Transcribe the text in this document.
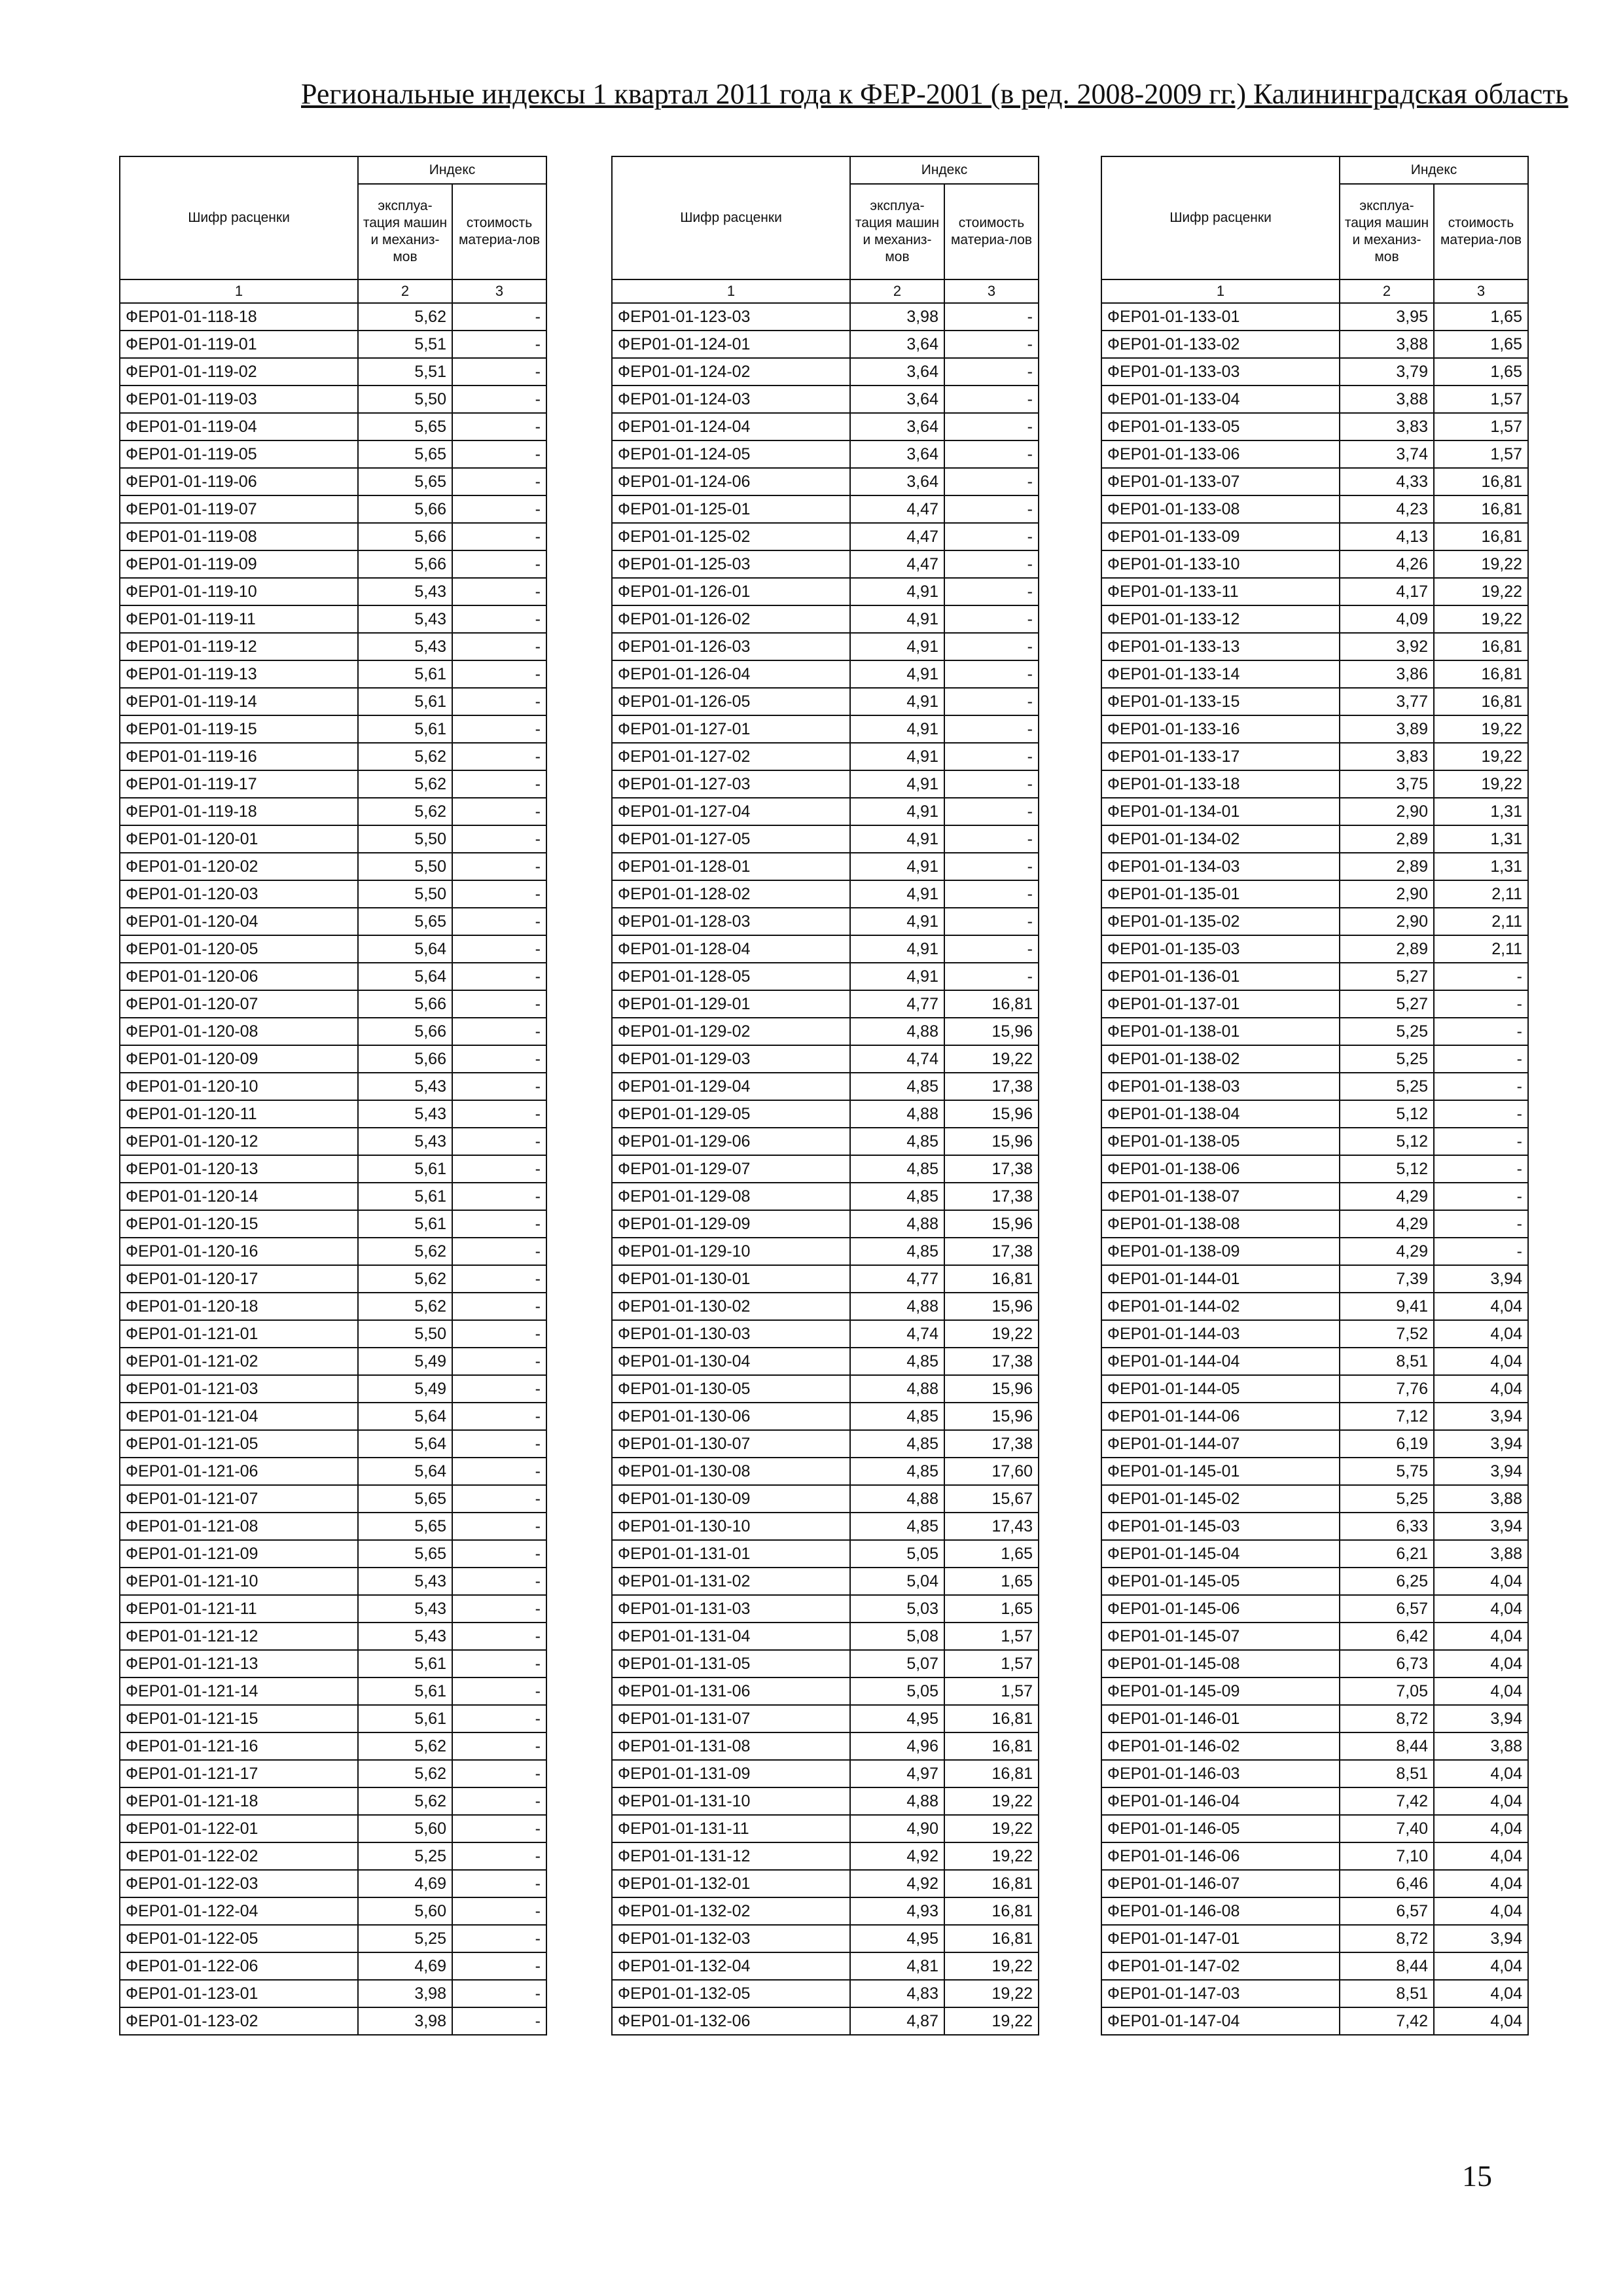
Региональные индексы 1 квартал 2011 года к ФЕР-2001 (в ред. 2008-2009 гг.) Калининградская область
Шифр расценки	Индекс	
	эксплуа-тация машин и механиз-мов	стоимость материа-лов
1	2	3
ФЕР01-01-118-18	5,62	-
ФЕР01-01-119-01	5,51	-
ФЕР01-01-119-02	5,51	-
ФЕР01-01-119-03	5,50	-
ФЕР01-01-119-04	5,65	-
ФЕР01-01-119-05	5,65	-
ФЕР01-01-119-06	5,65	-
ФЕР01-01-119-07	5,66	-
ФЕР01-01-119-08	5,66	-
ФЕР01-01-119-09	5,66	-
ФЕР01-01-119-10	5,43	-
ФЕР01-01-119-11	5,43	-
ФЕР01-01-119-12	5,43	-
ФЕР01-01-119-13	5,61	-
ФЕР01-01-119-14	5,61	-
ФЕР01-01-119-15	5,61	-
ФЕР01-01-119-16	5,62	-
ФЕР01-01-119-17	5,62	-
ФЕР01-01-119-18	5,62	-
ФЕР01-01-120-01	5,50	-
ФЕР01-01-120-02	5,50	-
ФЕР01-01-120-03	5,50	-
ФЕР01-01-120-04	5,65	-
ФЕР01-01-120-05	5,64	-
ФЕР01-01-120-06	5,64	-
ФЕР01-01-120-07	5,66	-
ФЕР01-01-120-08	5,66	-
ФЕР01-01-120-09	5,66	-
ФЕР01-01-120-10	5,43	-
ФЕР01-01-120-11	5,43	-
ФЕР01-01-120-12	5,43	-
ФЕР01-01-120-13	5,61	-
ФЕР01-01-120-14	5,61	-
ФЕР01-01-120-15	5,61	-
ФЕР01-01-120-16	5,62	-
ФЕР01-01-120-17	5,62	-
ФЕР01-01-120-18	5,62	-
ФЕР01-01-121-01	5,50	-
ФЕР01-01-121-02	5,49	-
ФЕР01-01-121-03	5,49	-
ФЕР01-01-121-04	5,64	-
ФЕР01-01-121-05	5,64	-
ФЕР01-01-121-06	5,64	-
ФЕР01-01-121-07	5,65	-
ФЕР01-01-121-08	5,65	-
ФЕР01-01-121-09	5,65	-
ФЕР01-01-121-10	5,43	-
ФЕР01-01-121-11	5,43	-
ФЕР01-01-121-12	5,43	-
ФЕР01-01-121-13	5,61	-
ФЕР01-01-121-14	5,61	-
ФЕР01-01-121-15	5,61	-
ФЕР01-01-121-16	5,62	-
ФЕР01-01-121-17	5,62	-
ФЕР01-01-121-18	5,62	-
ФЕР01-01-122-01	5,60	-
ФЕР01-01-122-02	5,25	-
ФЕР01-01-122-03	4,69	-
ФЕР01-01-122-04	5,60	-
ФЕР01-01-122-05	5,25	-
ФЕР01-01-122-06	4,69	-
ФЕР01-01-123-01	3,98	-
ФЕР01-01-123-02	3,98	-
Шифр расценки	Индекс	
	эксплуа-тация машин и механиз-мов	стоимость материа-лов
1	2	3
ФЕР01-01-123-03	3,98	-
ФЕР01-01-124-01	3,64	-
ФЕР01-01-124-02	3,64	-
ФЕР01-01-124-03	3,64	-
ФЕР01-01-124-04	3,64	-
ФЕР01-01-124-05	3,64	-
ФЕР01-01-124-06	3,64	-
ФЕР01-01-125-01	4,47	-
ФЕР01-01-125-02	4,47	-
ФЕР01-01-125-03	4,47	-
ФЕР01-01-126-01	4,91	-
ФЕР01-01-126-02	4,91	-
ФЕР01-01-126-03	4,91	-
ФЕР01-01-126-04	4,91	-
ФЕР01-01-126-05	4,91	-
ФЕР01-01-127-01	4,91	-
ФЕР01-01-127-02	4,91	-
ФЕР01-01-127-03	4,91	-
ФЕР01-01-127-04	4,91	-
ФЕР01-01-127-05	4,91	-
ФЕР01-01-128-01	4,91	-
ФЕР01-01-128-02	4,91	-
ФЕР01-01-128-03	4,91	-
ФЕР01-01-128-04	4,91	-
ФЕР01-01-128-05	4,91	-
ФЕР01-01-129-01	4,77	16,81
ФЕР01-01-129-02	4,88	15,96
ФЕР01-01-129-03	4,74	19,22
ФЕР01-01-129-04	4,85	17,38
ФЕР01-01-129-05	4,88	15,96
ФЕР01-01-129-06	4,85	15,96
ФЕР01-01-129-07	4,85	17,38
ФЕР01-01-129-08	4,85	17,38
ФЕР01-01-129-09	4,88	15,96
ФЕР01-01-129-10	4,85	17,38
ФЕР01-01-130-01	4,77	16,81
ФЕР01-01-130-02	4,88	15,96
ФЕР01-01-130-03	4,74	19,22
ФЕР01-01-130-04	4,85	17,38
ФЕР01-01-130-05	4,88	15,96
ФЕР01-01-130-06	4,85	15,96
ФЕР01-01-130-07	4,85	17,38
ФЕР01-01-130-08	4,85	17,60
ФЕР01-01-130-09	4,88	15,67
ФЕР01-01-130-10	4,85	17,43
ФЕР01-01-131-01	5,05	1,65
ФЕР01-01-131-02	5,04	1,65
ФЕР01-01-131-03	5,03	1,65
ФЕР01-01-131-04	5,08	1,57
ФЕР01-01-131-05	5,07	1,57
ФЕР01-01-131-06	5,05	1,57
ФЕР01-01-131-07	4,95	16,81
ФЕР01-01-131-08	4,96	16,81
ФЕР01-01-131-09	4,97	16,81
ФЕР01-01-131-10	4,88	19,22
ФЕР01-01-131-11	4,90	19,22
ФЕР01-01-131-12	4,92	19,22
ФЕР01-01-132-01	4,92	16,81
ФЕР01-01-132-02	4,93	16,81
ФЕР01-01-132-03	4,95	16,81
ФЕР01-01-132-04	4,81	19,22
ФЕР01-01-132-05	4,83	19,22
ФЕР01-01-132-06	4,87	19,22
Шифр расценки	Индекс	
	эксплуа-тация машин и механиз-мов	стоимость материа-лов
1	2	3
ФЕР01-01-133-01	3,95	1,65
ФЕР01-01-133-02	3,88	1,65
ФЕР01-01-133-03	3,79	1,65
ФЕР01-01-133-04	3,88	1,57
ФЕР01-01-133-05	3,83	1,57
ФЕР01-01-133-06	3,74	1,57
ФЕР01-01-133-07	4,33	16,81
ФЕР01-01-133-08	4,23	16,81
ФЕР01-01-133-09	4,13	16,81
ФЕР01-01-133-10	4,26	19,22
ФЕР01-01-133-11	4,17	19,22
ФЕР01-01-133-12	4,09	19,22
ФЕР01-01-133-13	3,92	16,81
ФЕР01-01-133-14	3,86	16,81
ФЕР01-01-133-15	3,77	16,81
ФЕР01-01-133-16	3,89	19,22
ФЕР01-01-133-17	3,83	19,22
ФЕР01-01-133-18	3,75	19,22
ФЕР01-01-134-01	2,90	1,31
ФЕР01-01-134-02	2,89	1,31
ФЕР01-01-134-03	2,89	1,31
ФЕР01-01-135-01	2,90	2,11
ФЕР01-01-135-02	2,90	2,11
ФЕР01-01-135-03	2,89	2,11
ФЕР01-01-136-01	5,27	-
ФЕР01-01-137-01	5,27	-
ФЕР01-01-138-01	5,25	-
ФЕР01-01-138-02	5,25	-
ФЕР01-01-138-03	5,25	-
ФЕР01-01-138-04	5,12	-
ФЕР01-01-138-05	5,12	-
ФЕР01-01-138-06	5,12	-
ФЕР01-01-138-07	4,29	-
ФЕР01-01-138-08	4,29	-
ФЕР01-01-138-09	4,29	-
ФЕР01-01-144-01	7,39	3,94
ФЕР01-01-144-02	9,41	4,04
ФЕР01-01-144-03	7,52	4,04
ФЕР01-01-144-04	8,51	4,04
ФЕР01-01-144-05	7,76	4,04
ФЕР01-01-144-06	7,12	3,94
ФЕР01-01-144-07	6,19	3,94
ФЕР01-01-145-01	5,75	3,94
ФЕР01-01-145-02	5,25	3,88
ФЕР01-01-145-03	6,33	3,94
ФЕР01-01-145-04	6,21	3,88
ФЕР01-01-145-05	6,25	4,04
ФЕР01-01-145-06	6,57	4,04
ФЕР01-01-145-07	6,42	4,04
ФЕР01-01-145-08	6,73	4,04
ФЕР01-01-145-09	7,05	4,04
ФЕР01-01-146-01	8,72	3,94
ФЕР01-01-146-02	8,44	3,88
ФЕР01-01-146-03	8,51	4,04
ФЕР01-01-146-04	7,42	4,04
ФЕР01-01-146-05	7,40	4,04
ФЕР01-01-146-06	7,10	4,04
ФЕР01-01-146-07	6,46	4,04
ФЕР01-01-146-08	6,57	4,04
ФЕР01-01-147-01	8,72	3,94
ФЕР01-01-147-02	8,44	4,04
ФЕР01-01-147-03	8,51	4,04
ФЕР01-01-147-04	7,42	4,04
15
